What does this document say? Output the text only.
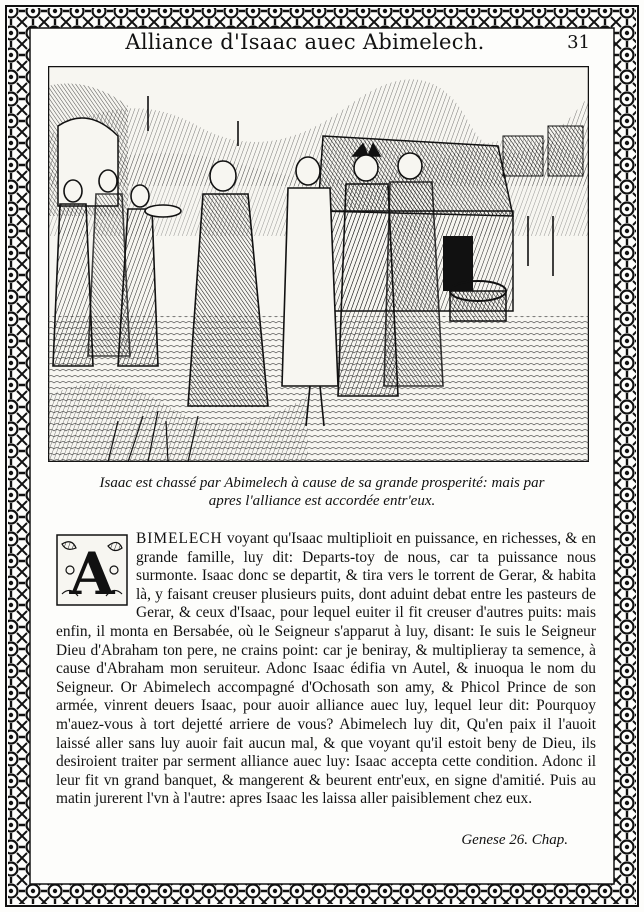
Alliance d'Isaac auec Abimelech.	31
Isaac est chassé par Abimelech à cause de sa grande prosperité: mais par
apres l'alliance est accordée entr'eux.
A
BIMELECH voyant qu'Isaac multiplioit en puissance, en richesses, & en grande famille, luy dit: Departs-toy de nous, car ta puissance nous surmonte. Isaac donc se departit, & tira vers le torrent de Gerar, & habita là, y faisant creuser plusieurs puits, dont aduint debat entre les pasteurs de Gerar, & ceux d'Isaac, pour lequel euiter il fit creuser d'autres puits: mais enfin, il monta en Bersabée, où le Seigneur s'apparut à luy, disant: Ie suis le Seigneur Dieu d'Abraham ton pere, ne crains point: car je beniray, & multiplieray ta semence, à cause d'Abraham mon seruiteur. Adonc Isaac édifia vn Autel, & inuoqua le nom du Seigneur. Or Abimelech accompagné d'Ochosath son amy, & Phicol Prince de son armée, vinrent deuers Isaac, pour auoir alliance auec luy, lequel leur dit: Pourquoy m'auez-vous à tort dejetté arriere de vous? Abimelech luy dit, Qu'en paix il l'auoit laissé aller sans luy auoir fait aucun mal, & que voyant qu'il estoit beny de Dieu, ils desiroient traiter par serment alliance auec luy: Isaac accepta cette condition. Adonc il leur fit vn grand banquet, & mangerent & beurent entr'eux, en signe d'amitié. Puis au matin jurerent l'vn à l'autre: apres Isaac les laissa aller paisiblement chez eux.
Genese 26. Chap.
